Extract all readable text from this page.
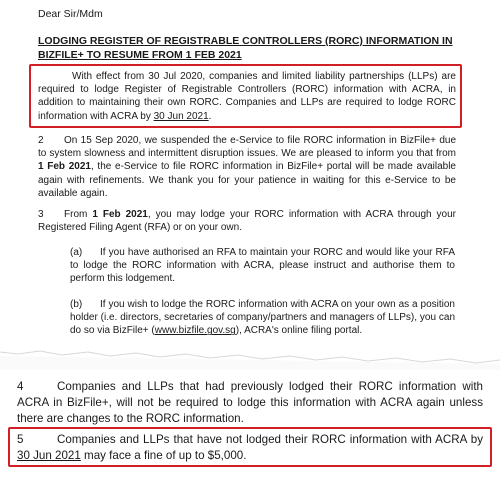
Dear Sir/Mdm
LODGING REGISTER OF REGISTRABLE CONTROLLERS (RORC) INFORMATION IN BIZFILE+ TO RESUME FROM 1 FEB 2021
With effect from 30 Jul 2020, companies and limited liability partnerships (LLPs) are required to lodge Register of Registrable Controllers (RORC) information with ACRA, in addition to maintaining their own RORC. Companies and LLPs are required to lodge RORC information with ACRA by 30 Jun 2021.
2 On 15 Sep 2020, we suspended the e-Service to file RORC information in BizFile+ due to system slowness and intermittent disruption issues. We are pleased to inform you that from 1 Feb 2021, the e-Service to file RORC information in BizFile+ portal will be made available again with refinements. We thank you for your patience in waiting for this e-Service to be available again.
3 From 1 Feb 2021, you may lodge your RORC information with ACRA through your Registered Filing Agent (RFA) or on your own.
(a) If you have authorised an RFA to maintain your RORC and would like your RFA to lodge the RORC information with ACRA, please instruct and authorise them to perform this lodgement.
(b) If you wish to lodge the RORC information with ACRA on your own as a position holder (i.e. directors, secretaries of company/partners and managers of LLPs), you can do so via BizFile+ (www.bizfile.gov.sg), ACRA's online filing portal.
4	Companies and LLPs that had previously lodged their RORC information with ACRA in BizFile+, will not be required to lodge this information with ACRA again unless there are changes to the RORC information.
5	Companies and LLPs that have not lodged their RORC information with ACRA by 30 Jun 2021 may face a fine of up to $5,000.
